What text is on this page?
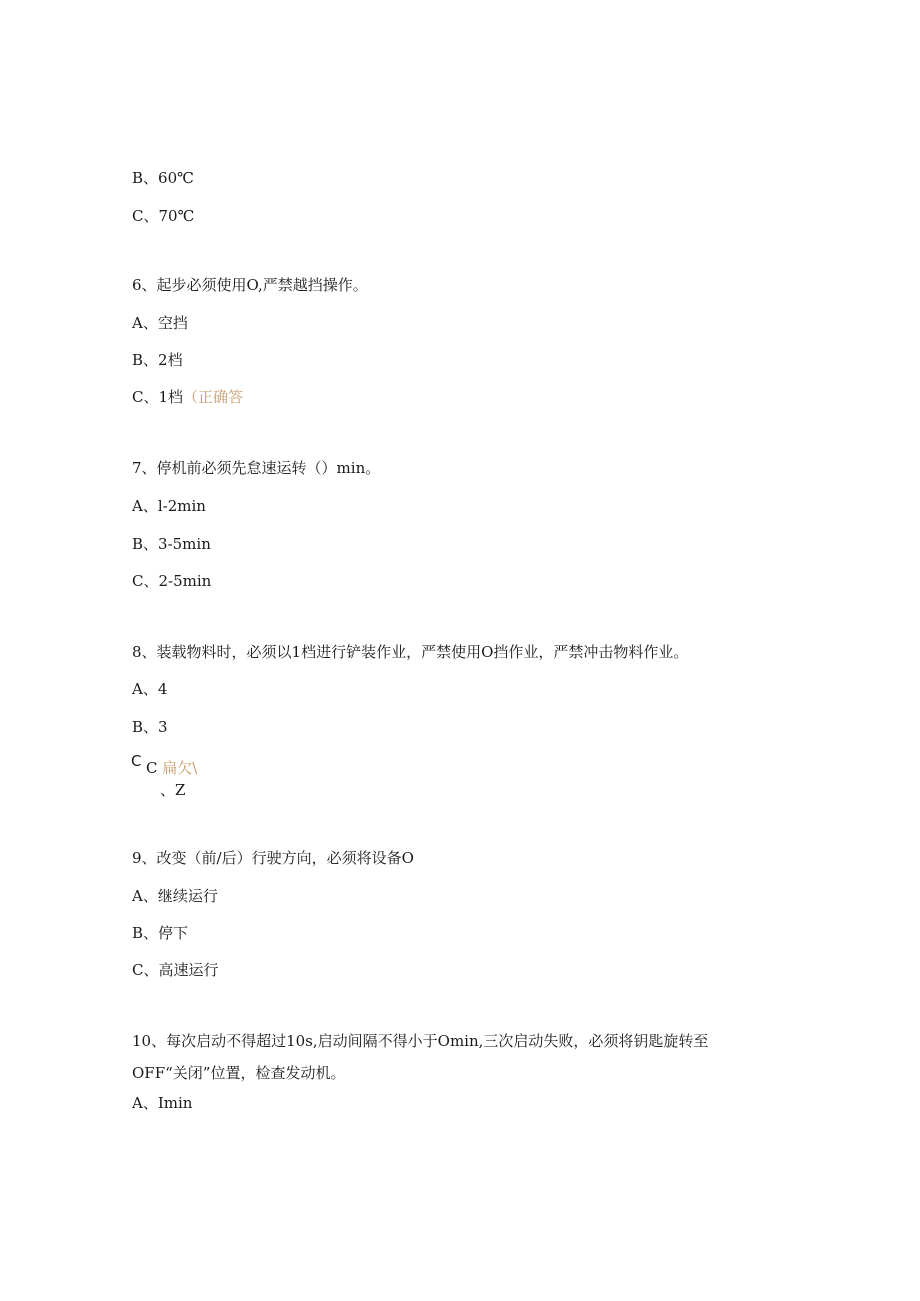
B、60℃
C、70℃
6、起步必须使用O,严禁越挡操作。
A、空挡
B、2档
C、1档（正确答
7、停机前必须先怠速运转（）min。
A、l-2min
B、3-5min
C、2-5min
8、装载物料时，必须以1档进行铲装作业，严禁使用O挡作业，严禁冲击物料作业。
A、4
B、3
C C 扁欠\
、Z
9、改变（前/后）行驶方向，必须将设备O
A、继续运行
B、停下
C、高速运行
10、每次启动不得超过10s,启动间隔不得小于Omin,三次启动失败，必须将钥匙旋转至
OFF“关闭”位置，检查发动机。
A、Imin
